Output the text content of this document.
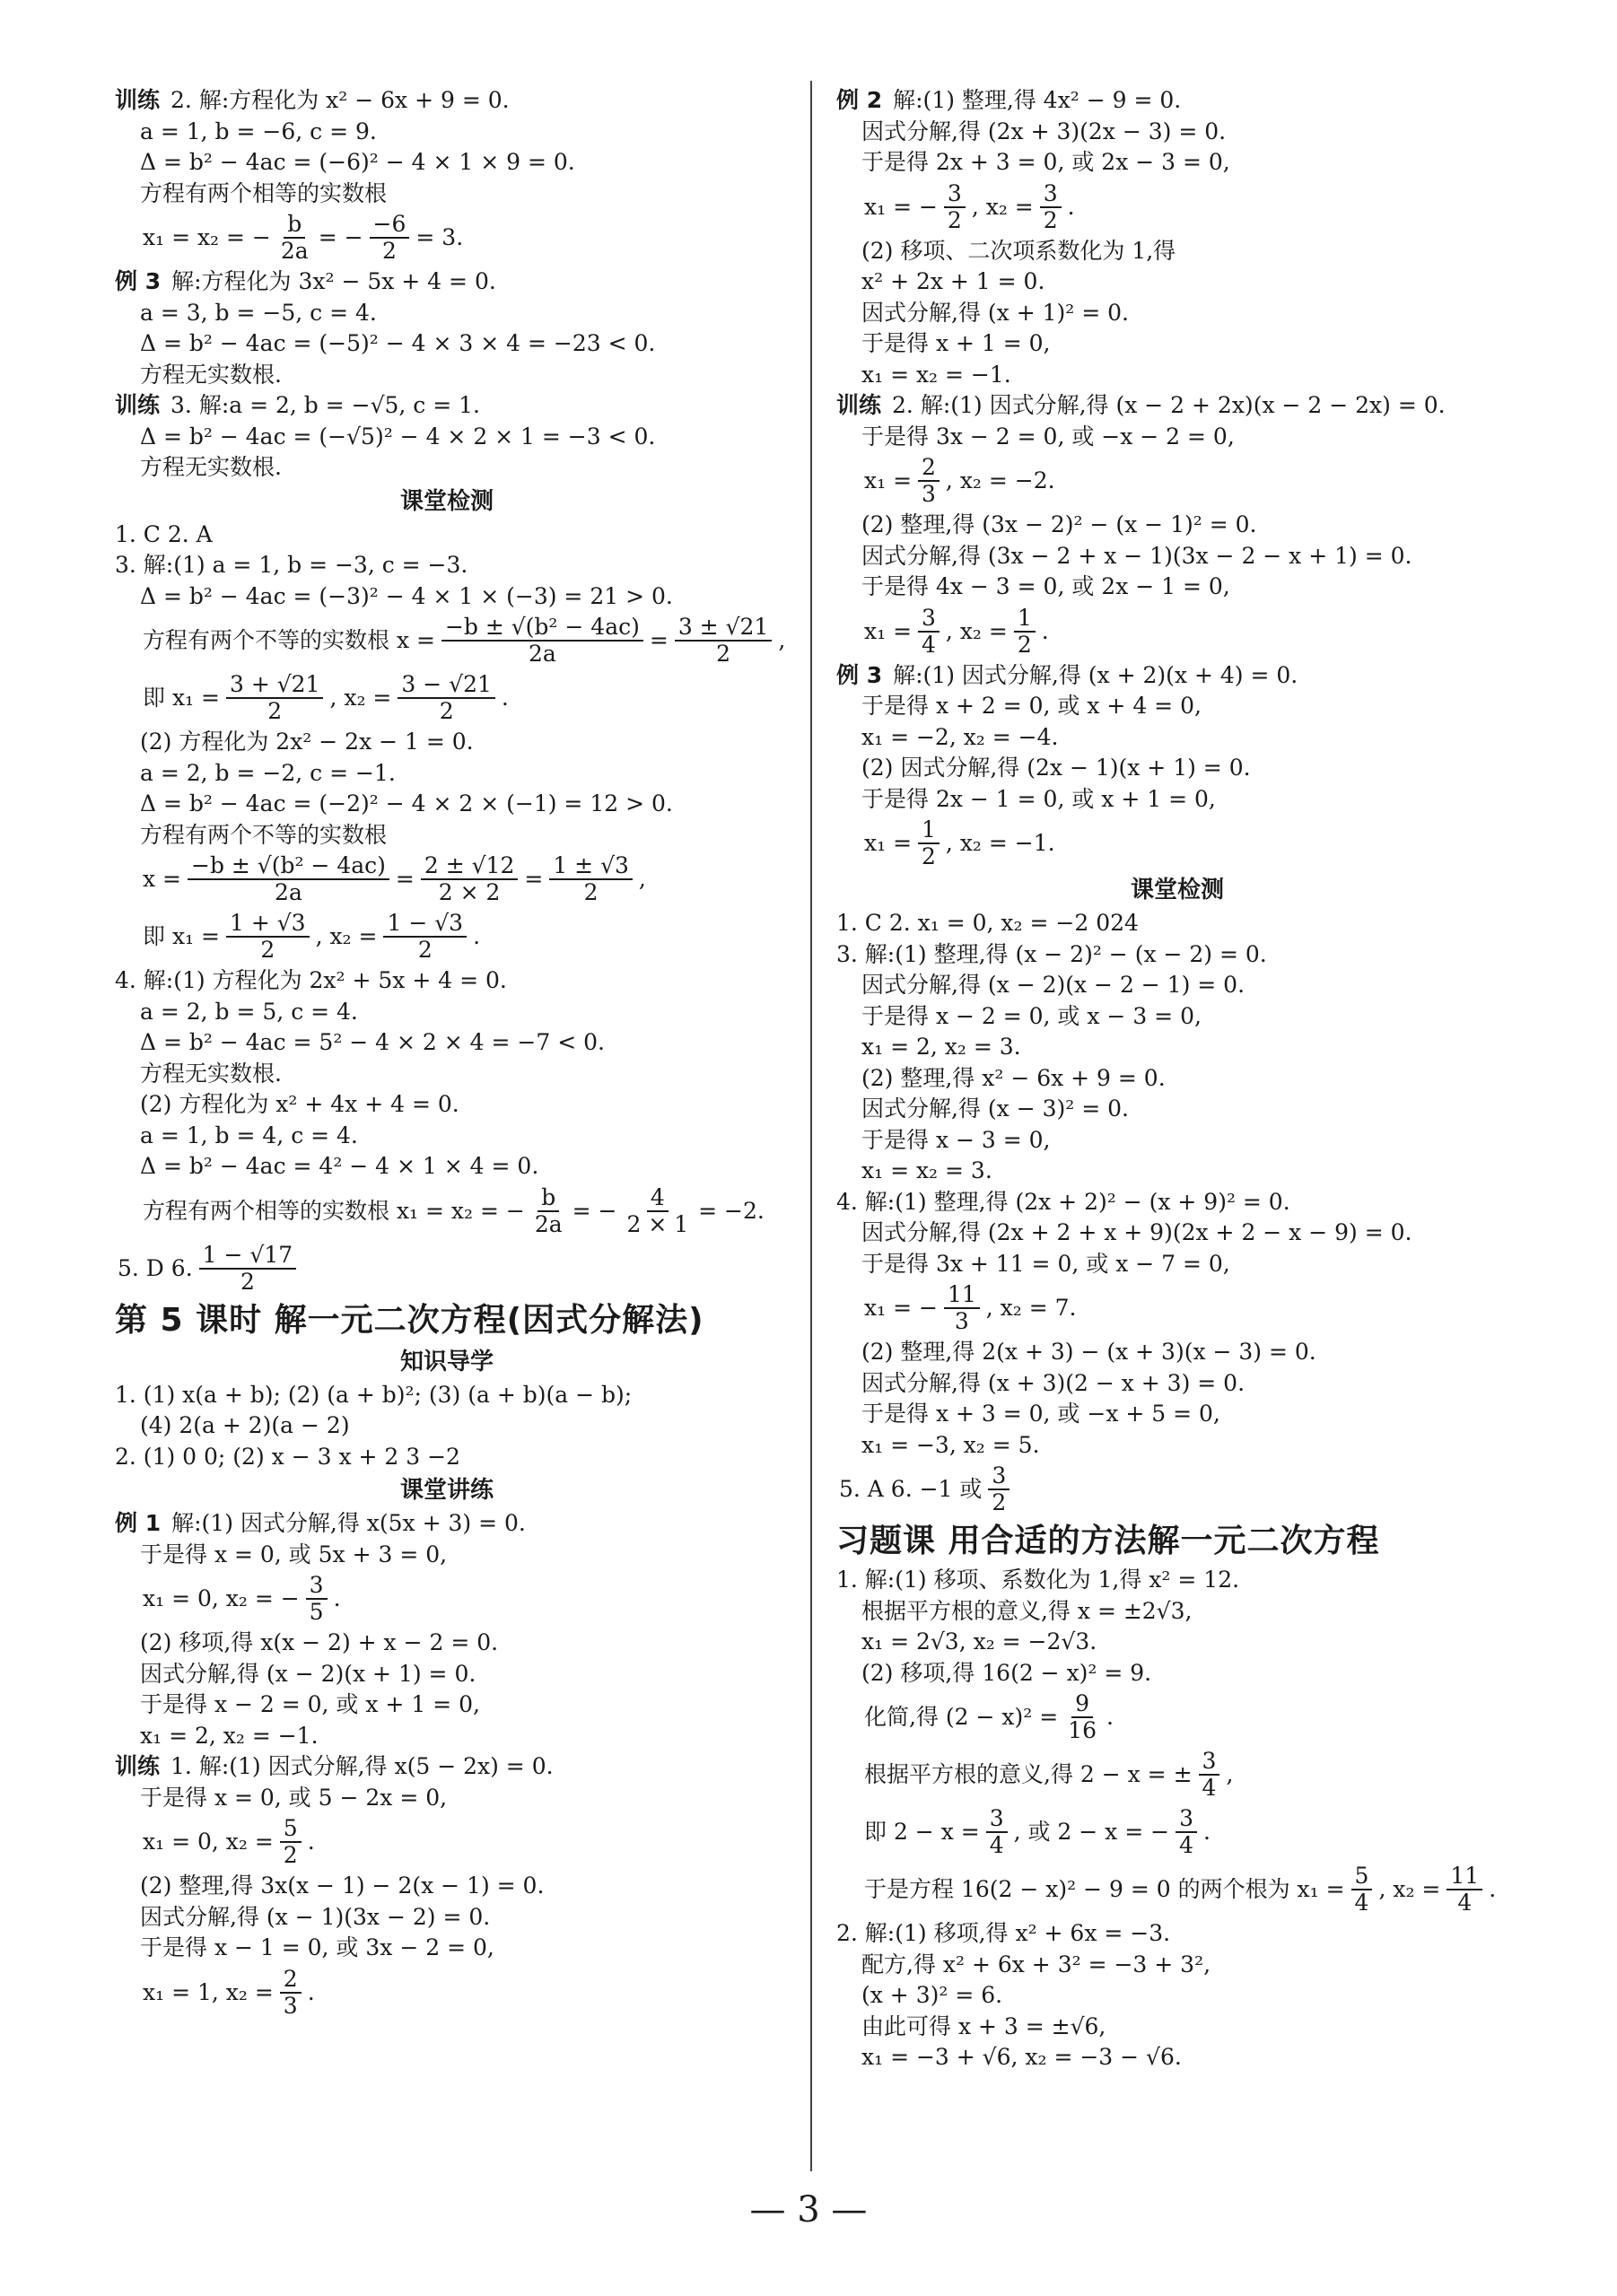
训练 2. 解:方程化为 x² − 6x + 9 = 0.
a = 1, b = −6, c = 9.
Δ = b² − 4ac = (−6)² − 4 × 1 × 9 = 0.
方程有两个相等的实数根
x₁ = x₂ = − $\frac{b}{2a}$ = − $\frac{-6}{2} = 3$.
例 3 解:方程化为 3x² − 5x + 4 = 0.
a = 3, b = −5, c = 4.
Δ = b² − 4ac = (−5)² − 4 × 3 × 4 = −23 < 0.
方程无实数根.
训练 3. 解:a = 2, b = −√5, c = 1.
Δ = b² − 4ac = (−√5)² − 4 × 2 × 1 = −3 < 0.
方程无实数根.
课堂检测
1. C 2. A
3. 解:(1) a = 1, b = −3, c = −3.
Δ = b² − 4ac = (−3)² − 4 × 1 × (−3) = 21 > 0.
方程有两个不等的实数根 $x = \frac{\text{−b ± √(b² − 4ac)}}{2a} = \frac{3 \pm √21}{2}$ ,
即 $x_1 = \frac{3 + √21}{2}$ , $x_2 = \frac{3 - √21}{2}$ .
(2) 方程化为 2x² − 2x − 1 = 0.
a = 2, b = −2, c = −1.
Δ = b² − 4ac = (−2)² − 4 × 2 × (−1) = 12 > 0.
方程有两个不等的实数根
$x = \frac{\text{−b ± √(b² − 4ac)}}{2a} = \frac{2 \pm √12}{2 \times 2} = \frac{1 \pm √3}{2}$ ,
即 $x_1 = \frac{1 + √3}{2}$ , $x_2 = \frac{1 - √3}{2}$ .
4. 解:(1) 方程化为 2x² + 5x + 4 = 0.
a = 2, b = 5, c = 4.
Δ = b² − 4ac = 5² − 4 × 2 × 4 = −7 < 0.
方程无实数根.
(2) 方程化为 x² + 4x + 4 = 0.
a = 1, b = 4, c = 4.
Δ = b² − 4ac = 4² − 4 × 1 × 4 = 0.
方程有两个相等的实数根 x₁ = x₂ = − $\frac{b}{2a}$ = − $\frac{4}{2 \times 1} = -2$.
5. D 6. $\frac{1 - √17}{2}$
第 5 课时 解一元二次方程(因式分解法)
知识导学
1. (1) x(a + b); (2) (a + b)²; (3) (a + b)(a − b);
(4) 2(a + 2)(a − 2)
2. (1) 0 0; (2) x − 3 x + 2 3 −2
课堂讲练
例 1 解:(1) 因式分解,得 x(5x + 3) = 0.
于是得 x = 0, 或 5x + 3 = 0,
x₁ = 0, x₂ = − $\frac{3}{5}$ .
(2) 移项,得 x(x − 2) + x − 2 = 0.
因式分解,得 (x − 2)(x + 1) = 0.
于是得 x − 2 = 0, 或 x + 1 = 0,
x₁ = 2, x₂ = −1.
训练 1. 解:(1) 因式分解,得 x(5 − 2x) = 0.
于是得 x = 0, 或 5 − 2x = 0,
x₁ = 0, $x_2 = \frac{5}{2}$ .
(2) 整理,得 3x(x − 1) − 2(x − 1) = 0.
因式分解,得 (x − 1)(3x − 2) = 0.
于是得 x − 1 = 0, 或 3x − 2 = 0,
x₁ = 1, $x_2 = \frac{2}{3}$ .
例 2 解:(1) 整理,得 4x² − 9 = 0.
因式分解,得 (2x + 3)(2x − 3) = 0.
于是得 2x + 3 = 0, 或 2x − 3 = 0,
x₁ = − $\frac{3}{2}$ , $x_2 = \frac{3}{2}$ .
(2) 移项、二次项系数化为 1,得
x² + 2x + 1 = 0.
因式分解,得 (x + 1)² = 0.
于是得 x + 1 = 0,
x₁ = x₂ = −1.
训练 2. 解:(1) 因式分解,得 (x − 2 + 2x)(x − 2 − 2x) = 0.
于是得 3x − 2 = 0, 或 −x − 2 = 0,
$x_1 = \frac{2}{3}$ , x₂ = −2.
(2) 整理,得 (3x − 2)² − (x − 1)² = 0.
因式分解,得 (3x − 2 + x − 1)(3x − 2 − x + 1) = 0.
于是得 4x − 3 = 0, 或 2x − 1 = 0,
$x_1 = \frac{3}{4}$ , $x_2 = \frac{1}{2}$ .
例 3 解:(1) 因式分解,得 (x + 2)(x + 4) = 0.
于是得 x + 2 = 0, 或 x + 4 = 0,
x₁ = −2, x₂ = −4.
(2) 因式分解,得 (2x − 1)(x + 1) = 0.
于是得 2x − 1 = 0, 或 x + 1 = 0,
$x_1 = \frac{1}{2}$ , x₂ = −1.
课堂检测
1. C 2. x₁ = 0, x₂ = −2 024
3. 解:(1) 整理,得 (x − 2)² − (x − 2) = 0.
因式分解,得 (x − 2)(x − 2 − 1) = 0.
于是得 x − 2 = 0, 或 x − 3 = 0,
x₁ = 2, x₂ = 3.
(2) 整理,得 x² − 6x + 9 = 0.
因式分解,得 (x − 3)² = 0.
于是得 x − 3 = 0,
x₁ = x₂ = 3.
4. 解:(1) 整理,得 (2x + 2)² − (x + 9)² = 0.
因式分解,得 (2x + 2 + x + 9)(2x + 2 − x − 9) = 0.
于是得 3x + 11 = 0, 或 x − 7 = 0,
x₁ = − $\frac{11}{3}$ , x₂ = 7.
(2) 整理,得 2(x + 3) − (x + 3)(x − 3) = 0.
因式分解,得 (x + 3)(2 − x + 3) = 0.
于是得 x + 3 = 0, 或 −x + 5 = 0,
x₁ = −3, x₂ = 5.
5. A 6. −1 或 $\frac{3}{2}$
习题课 用合适的方法解一元二次方程
1. 解:(1) 移项、系数化为 1,得 x² = 12.
根据平方根的意义,得 x = ±2√3,
x₁ = 2√3, x₂ = −2√3.
(2) 移项,得 16(2 − x)² = 9.
化简,得 $(2 - x)^2 = \frac{9}{16}$ .
根据平方根的意义,得 2 − x = ± $\frac{3}{4}$ ,
即 $2 - x = \frac{3}{4}$ , 或 2 − x = − $\frac{3}{4}$ .
于是方程 16(2 − x)² − 9 = 0 的两个根为 $x_1 = \frac{5}{4}$ , $x_2 = \frac{11}{4}$ .
2. 解:(1) 移项,得 x² + 6x = −3.
配方,得 x² + 6x + 3² = −3 + 3²,
(x + 3)² = 6.
由此可得 x + 3 = ±√6,
x₁ = −3 + √6, x₂ = −3 − √6.
— 3 —
